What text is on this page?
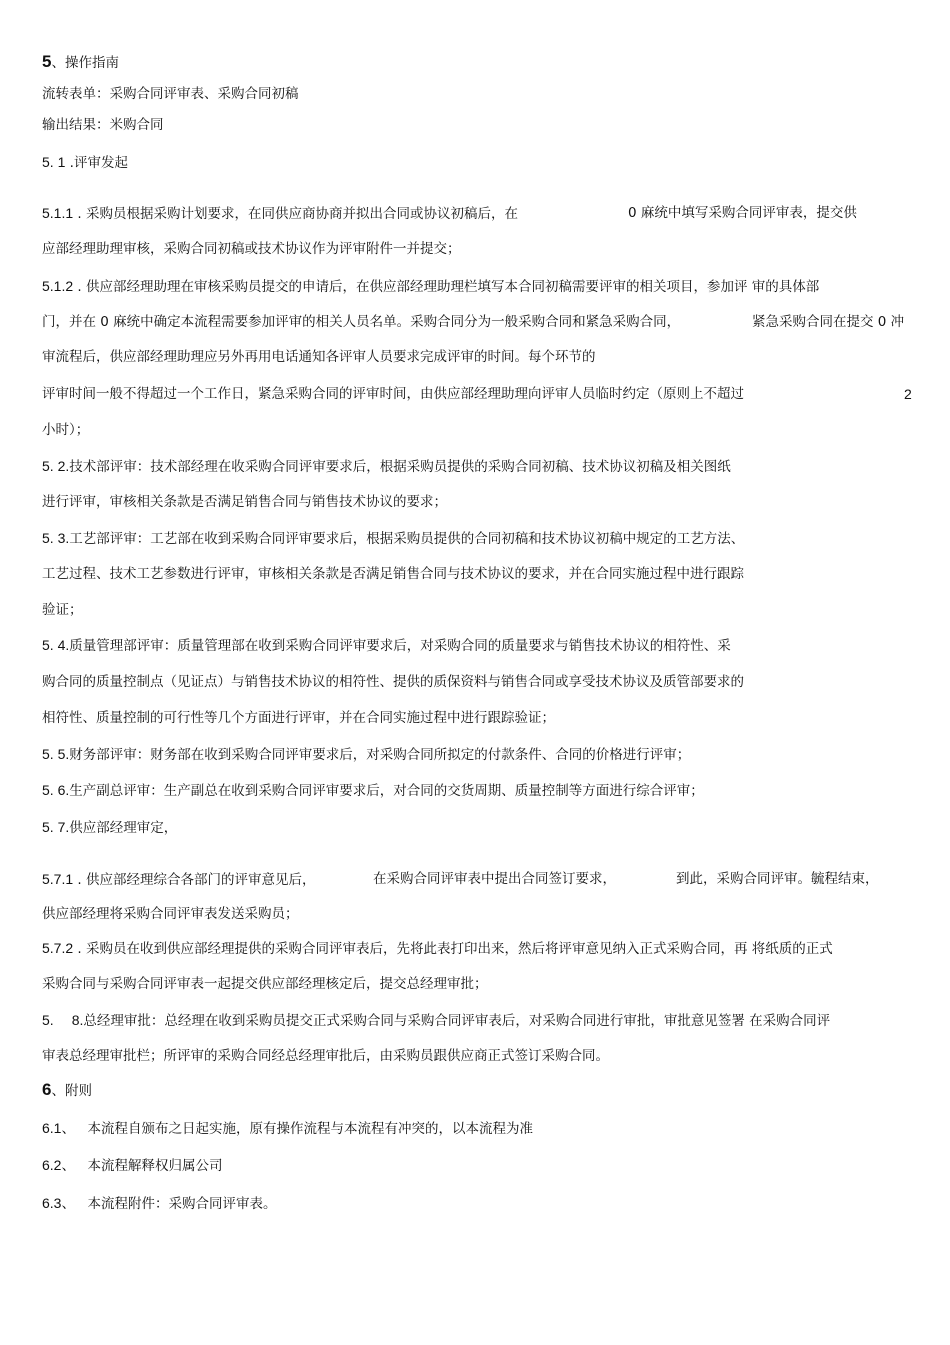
5、操作指南
流转表单：采购合同评审表、采购合同初稿
输出结果：米购合同
5. 1 .评审发起
5.1.1 . 采购员根据采购计划要求，在同供应商协商并拟出合同或协议初稿后，在	0 麻统中填写采购合同评审表，提交供
应部经理助理审核，采购合同初稿或技术协议作为评审附件一并提交；
5.1.2 . 供应部经理助理在审核采购员提交的申请后，在供应部经理助理栏填写本合同初稿需要评审的相关项目，参加评 审的具体部
门，并在 0 麻统中确定本流程需要参加评审的相关人员名单。采购合同分为一般采购合同和紧急采购合同，	紧急采购合同在提交 0 冲
审流程后，供应部经理助理应另外再用电话通知各评审人员要求完成评审的时间。每个环节的
评审时间一般不得超过一个工作日，紧急采购合同的评审时间，由供应部经理助理向评审人员临时约定（原则上不超过	2
小时）；
5. 2.技术部评审：技术部经理在收采购合同评审要求后，根据采购员提供的采购合同初稿、技术协议初稿及相关图纸
进行评审，审核相关条款是否满足销售合同与销售技术协议的要求；
5. 3.工艺部评审：工艺部在收到采购合同评审要求后，根据采购员提供的合同初稿和技术协议初稿中规定的工艺方法、
工艺过程、技术工艺参数进行评审，审核相关条款是否满足销售合同与技术协议的要求，并在合同实施过程中进行跟踪
验证；
5. 4.质量管理部评审：质量管理部在收到采购合同评审要求后，对采购合同的质量要求与销售技术协议的相符性、采
购合同的质量控制点（见证点）与销售技术协议的相符性、提供的质保资料与销售合同或享受技术协议及质管部要求的
相符性、质量控制的可行性等几个方面进行评审，并在合同实施过程中进行跟踪验证；
5. 5.财务部评审：财务部在收到采购合同评审要求后，对采购合同所拟定的付款条件、合同的价格进行评审；
5. 6.生产副总评审：生产副总在收到采购合同评审要求后，对合同的交货周期、质量控制等方面进行综合评审；
5. 7.供应部经理审定，
5.7.1 . 供应部经理综合各部门的评审意见后，	在采购合同评审表中提出合同签订要求，	到此，采购合同评审。毓程结束，
供应部经理将采购合同评审表发送采购员；
5.7.2 . 采购员在收到供应部经理提供的采购合同评审表后，先将此表打印出来，然后将评审意见纳入正式采购合同，再 将纸质的正式
采购合同与采购合同评审表一起提交供应部经理核定后，提交总经理审批；
5. 8.总经理审批：总经理在收到采购员提交正式采购合同与采购合同评审表后，对采购合同进行审批，审批意见签署 在采购合同评
审表总经理审批栏；所评审的采购合同经总经理审批后，由采购员跟供应商正式签订采购合同。
6、附则
6.1、 本流程自颁布之日起实施，原有操作流程与本流程有冲突的，以本流程为准
6.2、 本流程解释权归属公司
6.3、 本流程附件：采购合同评审表。
